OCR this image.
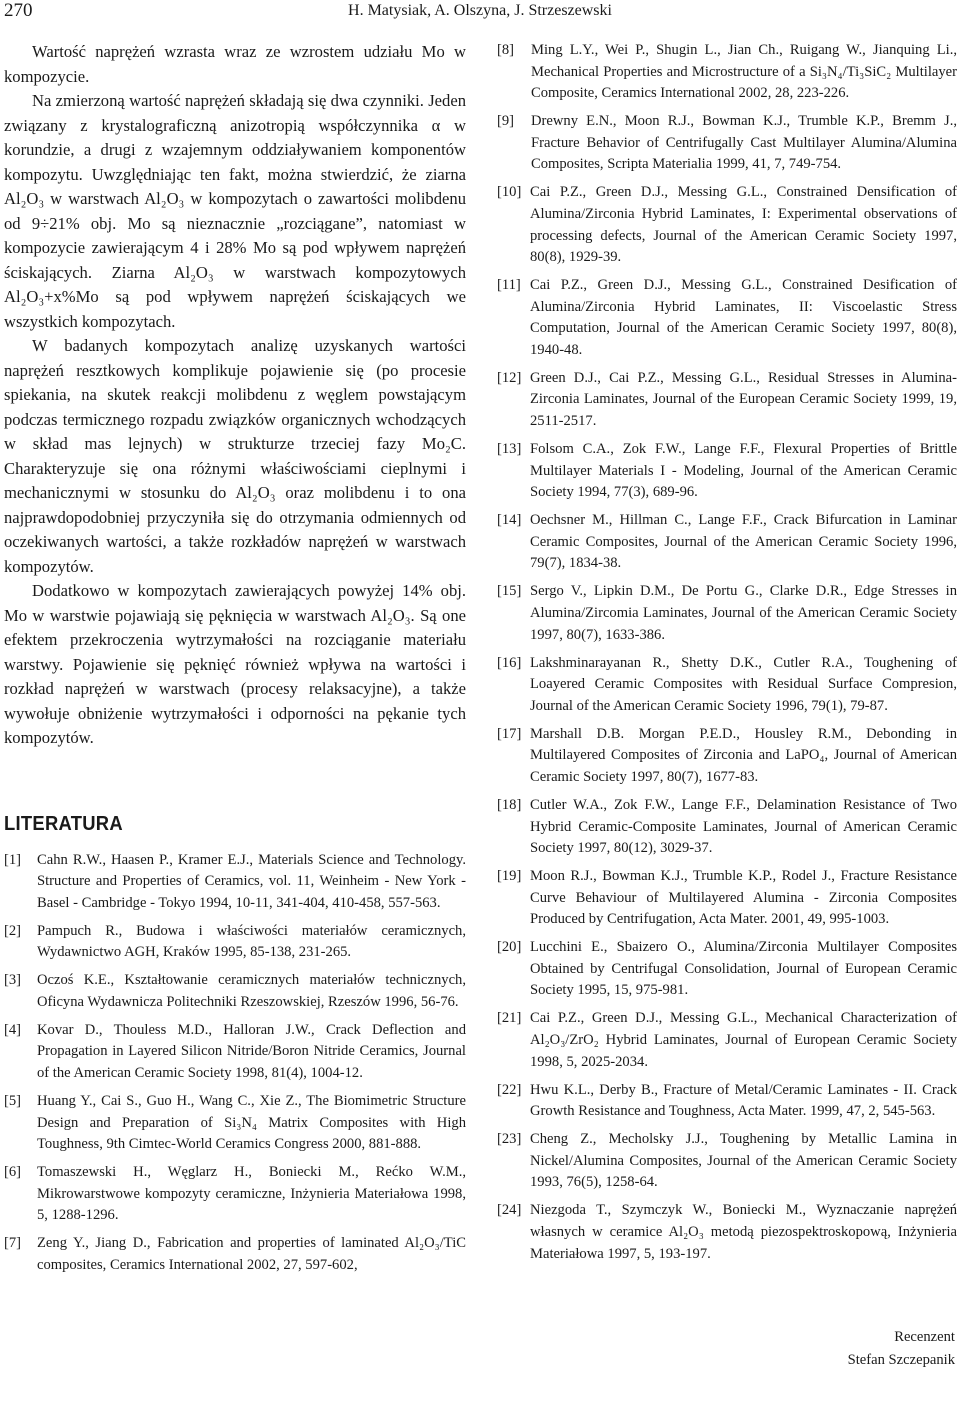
270	H. Matysiak, A. Olszyna, J. Strzeszewski

Wartość naprężeń wzrasta wraz ze wzrostem udziału Mo w kompozycie.

Na zmierzoną wartość naprężeń składają się dwa czynniki. Jeden związany z krystalograficzną anizotropią współczynnika α w korundzie, a drugi z wzajemnym oddziaływaniem komponentów kompozytu. Uwzględniając ten fakt, można stwierdzić, że ziarna Al₂O₃ w warstwach Al₂O₃ w kompozytach o zawartości molibdenu od 9÷21% obj. Mo są nieznacznie „rozciągane”, natomiast w kompozycie zawierającym 4 i 28% Mo są pod wpływem naprężeń ściskających. Ziarna Al₂O₃ w warstwach kompozytowych Al₂O₃+x%Mo są pod wpływem naprężeń ściskających we wszystkich kompozytach.

W badanych kompozytach analizę uzyskanych wartości naprężeń resztkowych komplikuje pojawienie się (po procesie spiekania, na skutek reakcji molibdenu z węglem powstającym podczas termicznego rozpadu związków organicznych wchodzących w skład mas lejnych) w strukturze trzeciej fazy Mo₂C. Charakteryzuje się ona różnymi właściwościami cieplnymi i mechanicznymi w stosunku do Al₂O₃ oraz molibdenu i to ona najprawdopodobniej przyczyniła się do otrzymania odmiennych od oczekiwanych wartości, a także rozkładów naprężeń w warstwach kompozytów.

Dodatkowo w kompozytach zawierających powyżej 14% obj. Mo w warstwie pojawiają się pęknięcia w warstwach Al₂O₃. Są one efektem przekroczenia wytrzymałości na rozciąganie materiału warstwy. Pojawienie się pęknięć również wpływa na wartości i rozkład naprężeń w warstwach (procesy relaksacyjne), a także wywołuje obniżenie wytrzymałości i odporności na pękanie tych kompozytów.

LITERATURA
[1] Cahn R.W., Haasen P., Kramer E.J., Materials Science and Technology. Structure and Properties of Ceramics, vol. 11, Weinheim - New York - Basel - Cambridge - Tokyo 1994, 10-11, 341-404, 410-458, 557-563.
[2] Pampuch R., Budowa i właściwości materiałów ceramicznych, Wydawnictwo AGH, Kraków 1995, 85-138, 231-265.
[3] Oczoś K.E., Kształtowanie ceramicznych materiałów technicznych, Oficyna Wydawnicza Politechniki Rzeszowskiej, Rzeszów 1996, 56-76.
[4] Kovar D., Thouless M.D., Halloran J.W., Crack Deflection and Propagation in Layered Silicon Nitride/Boron Nitride Ceramics, Journal of the American Ceramic Society 1998, 81(4), 1004-12.
[5] Huang Y., Cai S., Guo H., Wang C., Xie Z., The Biomimetric Structure Design and Preparation of Si₃N₄ Matrix Composites with High Toughness, 9th Cimtec-World Ceramics Congress 2000, 881-888.
[6] Tomaszewski H., Węglarz H., Boniecki M., Rećko W.M., Mikrowarstwowe kompozyty ceramiczne, Inżynieria Materiałowa 1998, 5, 1288-1296.
[7] Zeng Y., Jiang D., Fabrication and properties of laminated Al₂O₃/TiC composites, Ceramics International 2002, 27, 597-602,
[8] Ming L.Y., Wei P., Shugin L., Jian Ch., Ruigang W., Jianquing Li., Mechanical Properties and Microstructure of a Si₃N₄/Ti₃SiC₂ Multilayer Composite, Ceramics International 2002, 28, 223-226.
[9] Drewny E.N., Moon R.J., Bowman K.J., Trumble K.P., Bremm J., Fracture Behavior of Centrifugally Cast Multilayer Alumina/Alumina Composites, Scripta Materialia 1999, 41, 7, 749-754.
[10] Cai P.Z., Green D.J., Messing G.L., Constrained Densification of Alumina/Zirconia Hybrid Laminates, I: Experimental observations of processing defects, Journal of the American Ceramic Society 1997, 80(8), 1929-39.
[11] Cai P.Z., Green D.J., Messing G.L., Constrained Desification of Alumina/Zirconia Hybrid Laminates, II: Viscoelastic Stress Computation, Journal of the American Ceramic Society 1997, 80(8), 1940-48.
[12] Green D.J., Cai P.Z., Messing G.L., Residual Stresses in Alumina-Zirconia Laminates, Journal of the European Ceramic Society 1999, 19, 2511-2517.
[13] Folsom C.A., Zok F.W., Lange F.F., Flexural Properties of Brittle Multilayer Materials I - Modeling, Journal of the American Ceramic Society 1994, 77(3), 689-96.
[14] Oechsner M., Hillman C., Lange F.F., Crack Bifurcation in Laminar Ceramic Composites, Journal of the American Ceramic Society 1996, 79(7), 1834-38.
[15] Sergo V., Lipkin D.M., De Portu G., Clarke D.R., Edge Stresses in Alumina/Zircomia Laminates, Journal of the American Ceramic Society 1997, 80(7), 1633-386.
[16] Lakshminarayanan R., Shetty D.K., Cutler R.A., Toughening of Loayered Ceramic Composites with Residual Surface Compresion, Journal of the American Ceramic Society 1996, 79(1), 79-87.
[17] Marshall D.B. Morgan P.E.D., Housley R.M., Debonding in Multilayered Composites of Zirconia and LaPO₄, Journal of American Ceramic Society 1997, 80(7), 1677-83.
[18] Cutler W.A., Zok F.W., Lange F.F., Delamination Resistance of Two Hybrid Ceramic-Composite Laminates, Journal of American Ceramic Society 1997, 80(12), 3029-37.
[19] Moon R.J., Bowman K.J., Trumble K.P., Rodel J., Fracture Resistance Curve Behaviour of Multilayered Alumina - Zirconia Composites Produced by Centrifugation, Acta Mater. 2001, 49, 995-1003.
[20] Lucchini E., Sbaizero O., Alumina/Zirconia Multilayer Composites Obtained by Centrifugal Consolidation, Journal of European Ceramic Society 1995, 15, 975-981.
[21] Cai P.Z., Green D.J., Messing G.L., Mechanical Characterization of Al₂O₃/ZrO₂ Hybrid Laminates, Journal of European Ceramic Society 1998, 5, 2025-2034.
[22] Hwu K.L., Derby B., Fracture of Metal/Ceramic Laminates - II. Crack Growth Resistance and Toughness, Acta Mater. 1999, 47, 2, 545-563.
[23] Cheng Z., Mecholsky J.J., Toughening by Metallic Lamina in Nickel/Alumina Composites, Journal of the American Ceramic Society 1993, 76(5), 1258-64.
[24] Niezgoda T., Szymczyk W., Boniecki M., Wyznaczanie naprężeń własnych w ceramice Al₂O₃ metodą piezospektroskopową, Inżynieria Materiałowa 1997, 5, 193-197.
Recenzent
Stefan Szczepanik
